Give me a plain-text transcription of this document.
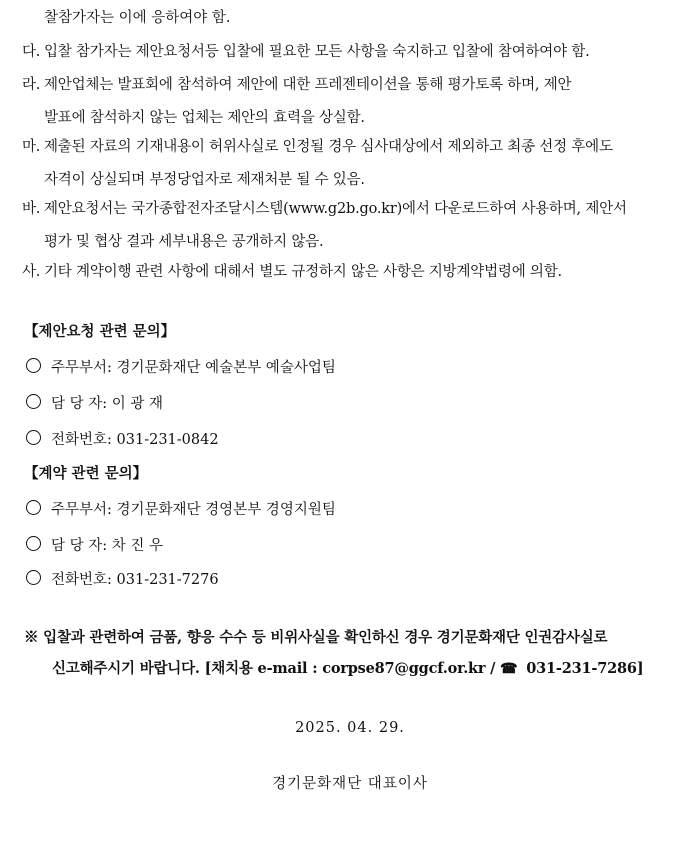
찰참가자는 이에 응하여야 함.
다. 입찰 참가자는 제안요청서등 입찰에 필요한 모든 사항을 숙지하고 입찰에 참여하여야 함.
라. 제안업체는 발표회에 참석하여 제안에 대한 프레젠테이션을 통해 평가토록 하며, 제안
발표에 참석하지 않는 업체는 제안의 효력을 상실함.
마. 제출된 자료의 기재내용이 허위사실로 인정될 경우 심사대상에서 제외하고 최종 선정 후에도
자격이 상실되며 부정당업자로 제재처분 될 수 있음.
바. 제안요청서는 국가종합전자조달시스템(www.g2b.go.kr)에서 다운로드하여 사용하며, 제안서
평가 및 협상 결과 세부내용은 공개하지 않음.
사. 기타 계약이행 관련 사항에 대해서 별도 규정하지 않은 사항은 지방계약법령에 의함.
【제안요청 관련 문의】
주무부서: 경기문화재단 예술본부 예술사업팀
담 당 자: 이 광 재
전화번호: 031-231-0842
【계약 관련 문의】
주무부서: 경기문화재단 경영본부 경영지원팀
담 당 자: 차 진 우
전화번호: 031-231-7276
※ 입찰과 관련하여 금품, 향응 수수 등 비위사실을 확인하신 경우 경기문화재단 인권감사실로
신고해주시기 바랍니다. [채치용 e-mail : corpse87@ggcf.or.kr / ☎ 031-231-7286]
2025. 04. 29.
경기문화재단 대표이사
